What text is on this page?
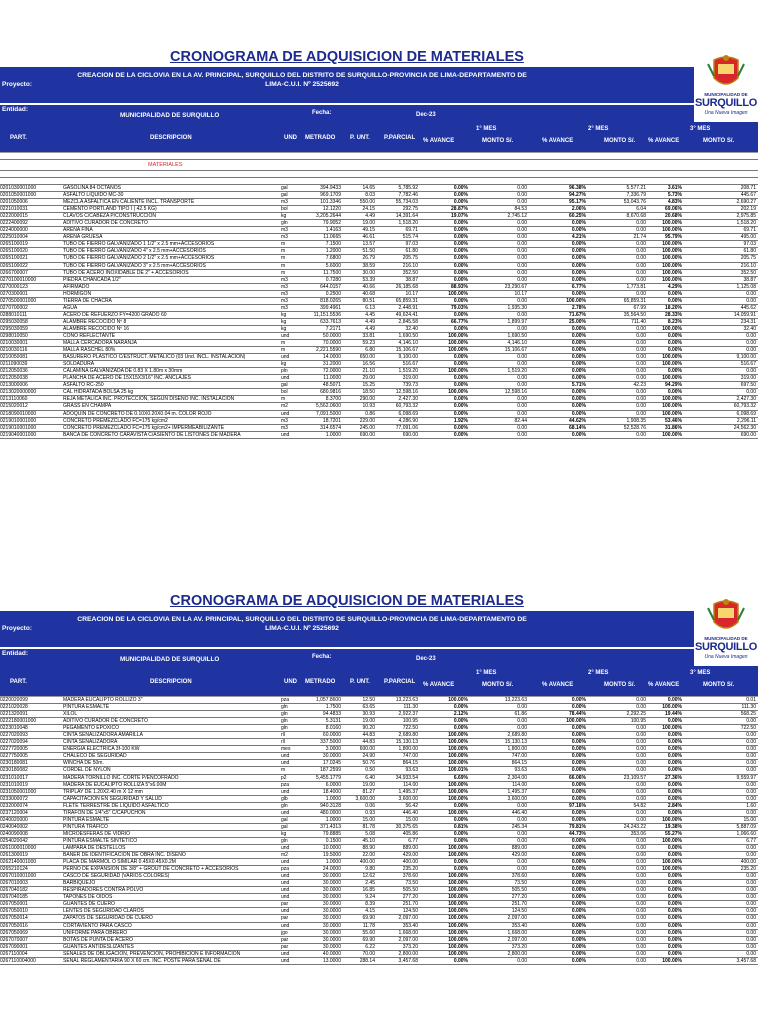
CRONOGRAMA DE ADQUISICION DE MATERIALES
Proyecto:
CREACION DE LA CICLOVIA EN LA AV. PRINCIPAL, SURQUILLO DEL DISTRITO DE SURQUILLO-PROVINCIA DE LIMA-DEPARTAMENTO DE LIMA-C.U.I. Nº 2525692
Entidad:
MUNICIPALIDAD DE SURQUILLO	Fecha:	Dec-23
PART.	DESCRIPCION	UND METRADO P. UNT. P.PARCIAL
1° MES	2° MES	3° MES
% AVANCE	MONTO S/.	% AVANCE	MONTO S/. % AVANCE	MONTO S/.
MUNICIPALIDAD DE
SURQUILLO
Una Nueva Imagen
MATERIALES
0201030001000	GASOLINA 84 OCTANOS	gal	394.9433	14.65	5,785.92	0.00%	0.00	96.38%	5,577.21	3.61%	208.71
0201050001000	ASFALTO LIQUIDO MC-30	gal	969.1709	8.03	7,782.46	0.00%	0.00	94.27%	7,336.79	5.73%	445.67
0201050006	MEZCLA ASFALTICA EN CALIENTE INCL. TRANSPORTE	m3	101.3346	550.00	55,734.03	0.00%	0.00	95.17%	53,043.76	4.83%	2,690.27
0221010031	CEMENTO PORTLAND TIPO I ( 42.5 KG)	bol	12.1220	24.15	292.75	28.87%	84.53	2.06%	6.04	69.06%	202.19
0222000015	CLAVOS C/CABEZA P/CONSTRUCCION	kg	3,205.2644	4.49	14,391.64	19.07%	2,745.12	60.25%	8,670.68	20.68%	2,975.85
0222400092	ADITIVO CURADOR DE CONCRETO	gln	79.9052	19.00	1,518.20	0.00%	0.00	0.00%	0.00	100.00%	1,518.20
0224000000	ARENA FINA	m3	1.4163	49.15	69.71	0.00%	0.00	0.00%	0.00	100.00%	69.71
0225010004	ARENA GRUESA	m3	11.0665	46.61	515.74	0.00%	0.00	4.21%	21.74	95.79%	495.00
0265100019	TUBO DE FIERRO GALVANIZADO 1 1/2" x 2.5 mm+ACCESORIOS	m	7.1500	13.57	97.03	0.00%	0.00	0.00%	0.00	100.00%	97.03
0265100020	TUBO DE FIERRO GALVANIZADO 4" x 2.5 mm+ACCESORIOS	m	1.2000	51.50	61.80	0.00%	0.00	0.00%	0.00	100.00%	61.80
0265100021	TUBO DE FIERRO GALVANIZADO 2 1/2" x 2.5 mm+ACCESORIOS	m	7.6800	26.79	205.75	0.00%	0.00	0.00%	0.00	100.00%	205.75
0265100022	TUBO DE FIERRO GALVANIZADO 3" x 2.5 mm+ACCESORIOS	m	5.6000	38.59	216.10	0.00%	0.00	0.00%	0.00	100.00%	216.10
0266700007	TUBO DE ACERO INOXIDABLE DE 2" + ACCESORIOS	m	11.7500	30.00	352.50	0.00%	0.00	0.00%	0.00	100.00%	352.50
0270100010000	PIEDRA CHANCADA 1/2"	m3	0.7280	53.39	38.87	0.00%	0.00	0.00%	0.00	100.00%	38.87
0270000123	AFIRMADO	m3	644.0157	40.66	26,185.68	88.93%	23,290.67	6.77%	1,773.81	4.29%	1,125.08
0270300001	HORMIGON	m3	0.2500	40.68	10.17	100.00%	10.17	0.00%	0.00	0.00%	0.00
0270500001000	TIERRA DE CHACRA	m3	818.0265	80.51	65,859.31	0.00%	0.00	100.00%	65,859.31	0.00%	0.00
0270700002	AGUA	m3	399.4961	6.13	2,448.91	79.03%	1,935.30	2.78%	67.99	18.20%	445.62
0288010111	ACERO DE REFUERZO FY=4200 GRADO 60	kg	11,151.5536	4.45	49,624.41	0.00%	0.00	71.67%	35,564.50	28.33%	14,059.91
0295030058	ALAMBRE RECOCIDO Nº 8	kg	633.7613	4.49	2,845.58	66.77%	1,899.97	25.00%	711.40	8.23%	234.31
0295030059	ALAMBRE RECOCIDO Nº 16	kg	7.2171	4.49	32.40	0.00%	0.00	0.00%	0.00	100.00%	32.40
0298010050	CONO REFLECTANTE	und	50.0000	33.81	1,690.50	100.00%	1,690.50	0.00%	0.00	0.00%	0.00
0210030001	MALLA CERCADORA NARANJA	m	70.0000	59.23	4,146.10	100.00%	4,146.10	0.00%	0.00	0.00%	0.00
0210030116	MALLA RASCHEL 80%	m	2,221.5590	6.80	15,106.67	100.00%	15,106.67	0.00%	0.00	0.00%	0.00
0210050081	BASURERO PLASTICO C/ESTRUCT. METALICO (03 Und. INCL. INSTALACION)	und	14.0000	650.00	9,100.00	0.00%	0.00	0.00%	0.00	100.00%	9,100.00
0211090039	SOLDADURA	kg	31.2000	16.56	516.67	0.00%	0.00	0.00%	0.00	100.00%	516.67
0212050036	CALAMINA GALVANIZADA DE 0.83 X 1.80m x 30mm	pln	72.0000	21.10	1,519.20	100.00%	1,519.20	0.00%	0.00	0.00%	0.00
0212050038	PLANCHA DE ACERO DE 15X15X3/16" INC. ANCLAJES	und	11.0000	29.00	319.00	0.00%	0.00	0.00%	0.00	100.00%	319.00
0213000006	ASFALTO RC-250	gal	48.5071	15.25	739.73	0.00%	0.00	5.71%	42.23	94.29%	697.50
0213020000000	CAL HIDRATADA BOLSA 25 kg	bol	680.9816	18.50	12,598.16	100.00%	12,598.16	0.00%	0.00	0.00%	0.00
0213110060	REJA METALICA INC. PROTECCION, SEGUN DISEÑO INC. INSTALACION	m	8.3700	290.00	2,427.30	0.00%	0.00	0.00%	0.00	100.00%	2,427.30
0215020012	GRASS EN CHAMPA	m2	5,562.0600	10.93	60,793.32	0.00%	0.00	0.00%	0.00	100.00%	60,793.32
0218090010000	ADOQUIN DE CONCRETO DE 0.10X0.20X0.04 m. COLOR ROJO	und	7,091.5000	0.86	6,098.69	0.00%	0.00	0.00%	0.00	100.00%	6,098.69
0219010001000	CONCRETO PREMEZCLADO FC=175 kg/cm2	m3	18.7201	229.00	4,286.90	1.92%	82.44	44.62%	1,908.35	53.46%	2,296.11
0219010001000	CONCRETO PREMEZCLADO FC=175 kg/cm2+ IMPERMEABILIZANTE	m3	314.6574	245.00	77,091.06	0.00%	0.00	68.14%	52,528.76	31.86%	24,562.30
0219040001000	BANCA DE CONCRETO CARAVISTA C/ASIENTO DE LISTONES DE MADERA	und	1.0000	690.00	690.00	0.00%	0.00	0.00%	0.00	100.00%	690.00
CRONOGRAMA DE ADQUISICION DE MATERIALES
Proyecto:
CREACION DE LA CICLOVIA EN LA AV. PRINCIPAL, SURQUILLO DEL DISTRITO DE SURQUILLO-PROVINCIA DE LIMA-DEPARTAMENTO DE LIMA-C.U.I. Nº 2525692
Entidad:
MUNICIPALIDAD DE SURQUILLO	Fecha:	Dec-23
PART.	DESCRIPCION	UND METRADO P. UNT. P.PARCIAL
1° MES	2° MES	3° MES
% AVANCE	MONTO S/.	% AVANCE	MONTO S/. % AVANCE	MONTO S/.
MUNICIPALIDAD DE
SURQUILLO
Una Nueva Imagen
0220020099	MADERA EUCALIPTO ROLLIZO 3"	pza	1,057.8600	12.50	13,223.63	100.00%	13,223.63	0.00%	0.00	0.00%	0.01
0221020028	PINTURA ESMALTE	gln	1.7500	63.65	111.30	0.00%	0.00	0.00%	0.00	100.00%	111.30
0221320091	XILOL	gln	94.4833	30.93	2,922.37	2.12%	61.86	78.44%	2,292.25	19.44%	568.25
0222180001000	ADITIVO CURADOR DE CONCRETO	gln	5.3131	19.00	100.95	0.00%	0.00	100.00%	100.95	0.00%	0.00
0223010048	PEGAMENTO EPOXICO	gln	8.0160	90.20	722.50	0.00%	0.00	0.00%	0.00	100.00%	722.50
0227020093	CINTA SENALIZADORA AMARILLA	rll	60.0000	44.83	2,689.80	100.00%	2,689.80	0.00%	0.00	0.00%	0.00
0227020094	CINTA SENALIZADORA	rll	337.5000	44.83	15,130.13	100.00%	15,130.13	0.00%	0.00	0.00%	0.00
0227720005	ENERGIA ELECTRICA 3f-100 KW	mes	3.0000	600.00	1,800.00	100.00%	1,800.00	0.00%	0.00	0.00%	0.00
0227750005	CHALECO DE SEGURIDAD	und	30.0000	24.90	747.00	100.00%	747.00	0.00%	0.00	0.00%	0.00
0230180081	WINCHA DE 50m.	und	17.0245	50.76	864.15	100.00%	864.15	0.00%	0.00	0.00%	0.00
0230180082	CORDEL DE NYLON	m	187.2599	0.50	93.63	100.01%	93.63	0.00%	0.00	0.00%	0.00
0231010017	MADERA TORNILLO INC. CORTE P/ENCOFRADO	p2	5,455.1779	6.40	34,933.54	6.69%	2,304.00	66.06%	23,109.57	27.36%	9,559.97
0231010019	MADERA DE EUCALIPTO ROLLIZA 5"x6.00M	pza	6.0000	19.00	114.00	100.00%	114.00	0.00%	0.00	0.00%	0.00
0231050001000	TRIPLAY DE 1.20X2.40 m X 12 mm	und	18.4000	81.27	1,495.37	100.00%	1,495.37	0.00%	0.00	0.00%	0.00
0233000072	CAPACITACION EN SEGURIDAD Y SALUD	glb	1.0000	3,600.00	3,600.00	100.00%	3,600.00	0.00%	0.00	0.00%	0.00
0232000074	FLETE TERRESTRE DE LIQUIDO ASFALTICO	gln	940.3128	0.06	56.42	0.00%	0.00	97.16%	54.82	2.84%	1.60
0237120004	TIRAFON DE 1/4"x5" C/CAPUCHON	und	480.0000	0.93	446.40	100.00%	446.40	0.00%	0.00	0.00%	0.00
0240020000	PINTURA ESMALTE	gal	1.0000	15.00	15.00	0.00%	0.00	0.00%	0.00	100.00%	15.00
0240040002	PINTURA TRAFICO	gal	371.4313	81.78	30,375.65	0.81%	245.34	79.81%	24,243.22	19.38%	5,887.09
0240090008	MICROESFERAS DE VIDRIO	kg	79.8885	5.08	405.86	0.00%	0.00	44.73%	353.06	55.27%	1,066.60
0254020042	PINTURA ESMALTE SINTETICO	gln	0.1500	45.10	6.77	0.00%	0.00	0.00%	0.00	100.00%	6.77
0261000010000	LAMPARA DE DESTELLOS	und	10.0000	88.90	889.00	100.00%	889.00	0.00%	0.00	0.00%	0.00
0261300019	BANER DE IDENTIFICACION DE OBRA INC. DISEÑO	m2	19.5000	22.00	429.00	100.00%	429.00	0.00%	0.00	0.00%	0.00
0262140001000	PLACA DE MARMOL O SIMILAR 0.45X0.45X0.2M	und	1.0000	400.00	400.00	0.00%	0.00	0.00%	0.00	100.00%	400.00
0265210124	PERNO DE EXPANSION DE 3/8" + GROUT DE CONCRETO + ACCESORIOS	pza	24.0000	9.80	235.20	0.00%	0.00	0.00%	0.00	100.00%	235.20
0267010001000	CASCO DE SEGURIDAD (VARIOS COLORES)	und	30.0000	12.62	378.60	100.00%	378.60	0.00%	0.00	0.00%	0.00
0267010003	BARBIQUEJO	und	30.0000	2.45	73.50	100.00%	73.50	0.00%	0.00	0.00%	0.00
0267040182	RESPIRADORES CONTRA POLVO	und	30.0000	16.85	505.50	100.00%	505.50	0.00%	0.00	0.00%	0.00
0267040185	TAPONES DE OIDOS	und	30.0000	9.24	277.20	100.00%	277.20	0.00%	0.00	0.00%	0.00
0267050001	GUANTES DE CUERO	par	30.0000	8.39	251.70	100.00%	251.70	0.00%	0.00	0.00%	0.00
0267050010	LENTES DE SEGURIDAD CLAROS	und	30.0000	4.15	124.50	100.00%	124.50	0.00%	0.00	0.00%	0.00
0267050014	ZAPATOS DE SEGURIDAD DE CUERO	par	30.0000	69.90	2,097.00	100.00%	2,097.00	0.00%	0.00	0.00%	0.00
0267050016	CORTAVIENTO PARA CASCO	und	30.0000	11.78	353.40	100.00%	353.40	0.00%	0.00	0.00%	0.00
0267050069	UNIFORME PARA OBRERO	jgo	30.0000	55.60	1,668.00	100.00%	1,668.00	0.00%	0.00	0.00%	0.00
0267070007	BOTAS DE PUNTA DE ACERO	par	30.0000	69.90	2,097.00	100.00%	2,097.00	0.00%	0.00	0.00%	0.00
0267090001	GUANTES ANTIDESLIZANTES	par	30.0000	6.22	373.20	100.00%	373.20	0.00%	0.00	0.00%	0.00
0267110004	SEÑALES DE OBLIGACION, PREVENCION, PROHIBICION E INFORMACION	und	40.0000	70.00	2,800.00	100.00%	2,800.00	0.00%	0.00	0.00%	0.00
0267110004000	SEÑAL REGLAMENTARIA 90 X 60 cm. INC. POSTE PARA SEÑAL DE	und	13.0000	288.14	3,457.68	0.00%	0.00	0.00%	0.00	100.00%	3,457.68
